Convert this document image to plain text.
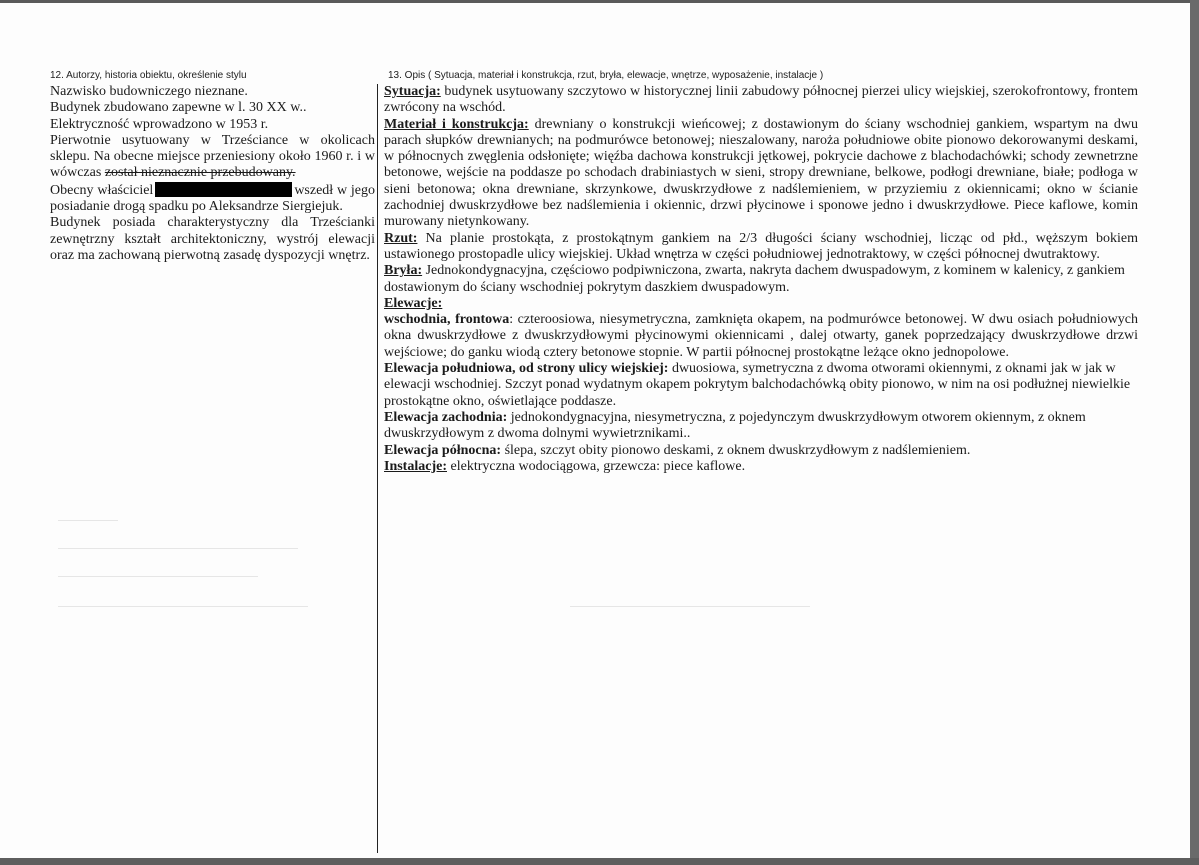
12. Autorzy, historia obiektu, określenie stylu	13. Opis ( Sytuacja, materiał i konstrukcja, rzut, bryła, elewacje, wnętrze, wyposażenie, instalacje )

Nazwisko budowniczego nieznane.

Budynek zbudowano zapewne w l. 30 XX w..

Elektryczność wprowadzono w 1953 r.

Pierwotnie usytuowany w Trześciance w okolicach sklepu. Na obecne miejsce przeniesiony około 1960 r. i w wówczas został nieznacznie przebudowany.

Obecny właściciel	wszedł w jego posiadanie drogą spadku po Aleksandrze Siergiejuk.

Budynek posiada charakterystyczny dla Trześcianki zewnętrzny kształt architektoniczny, wystrój elewacji oraz ma zachowaną pierwotną zasadę dyspozycji wnętrz.

Sytuacja: budynek usytuowany szczytowo w historycznej linii zabudowy północnej pierzei ulicy wiejskiej, szerokofrontowy, frontem zwrócony na wschód.

Materiał i konstrukcja: drewniany o konstrukcji wieńcowej; z dostawionym do ściany wschodniej gankiem, wspartym na dwu parach słupków drewnianych; na podmurówce betonowej; nieszalowany, naroża południowe obite pionowo dekorowanymi deskami, w północnych zwęglenia odsłonięte; więźba dachowa konstrukcji jętkowej, pokrycie dachowe z blachodachówki; schody zewnetrzne betonowe, wejście na poddasze po schodach drabiniastych w sieni, stropy drewniane, belkowe, podłogi drewniane, białe; podłoga w sieni betonowa; okna drewniane, skrzynkowe, dwuskrzydłowe z nadślemieniem, w przyziemiu z okiennicami; okno w ścianie zachodniej dwuskrzydłowe bez nadślemienia i okiennic, drzwi płycinowe i sponowe jedno i dwuskrzydłowe. Piece kaflowe, komin murowany nietynkowany.

Rzut: Na planie prostokąta, z prostokątnym gankiem na 2/3 długości ściany wschodniej, licząc od płd., węższym bokiem ustawionego prostopadle ulicy wiejskiej. Układ wnętrza w części południowej jednotraktowy, w części północnej dwutraktowy.

Bryła: Jednokondygnacyjna, częściowo podpiwniczona, zwarta, nakryta dachem dwuspadowym, z kominem w kalenicy, z gankiem dostawionym do ściany wschodniej pokrytym daszkiem dwuspadowym.

Elewacje:

wschodnia, frontowa: czteroosiowa, niesymetryczna, zamknięta okapem, na podmurówce betonowej. W dwu osiach południowych okna dwuskrzydłowe z dwuskrzydłowymi płycinowymi okiennicami , dalej otwarty, ganek poprzedzający dwuskrzydłowe drzwi wejściowe; do ganku wiodą cztery betonowe stopnie. W partii północnej prostokątne leżące okno jednopolowe.

Elewacja południowa, od strony ulicy wiejskiej: dwuosiowa, symetryczna z dwoma otworami okiennymi, z oknami jak w jak w elewacji wschodniej. Szczyt ponad wydatnym okapem pokrytym balchodachówką obity pionowo, w nim na osi podłużnej niewielkie prostokątne okno, oświetlające poddasze.

Elewacja zachodnia: jednokondygnacyjna, niesymetryczna, z pojedynczym dwuskrzydłowym otworem okiennym, z oknem dwuskrzydłowym z dwoma dolnymi wywietrznikami..

Elewacja północna: ślepa, szczyt obity pionowo deskami, z oknem dwuskrzydłowym z nadślemieniem.

Instalacje: elektryczna wodociągowa, grzewcza: piece kaflowe.
